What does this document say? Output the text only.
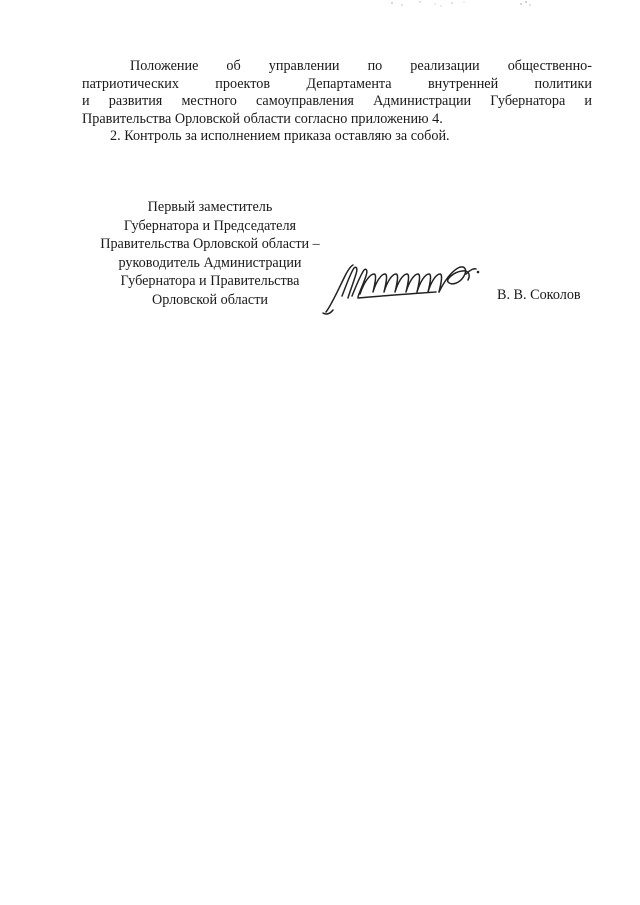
Положение об управлении по реализации общественно-
патриотических проектов Департамента внутренней политики
и развития местного самоуправления Администрации Губернатора и
Правительства Орловской области согласно приложению 4.

2. Контроль за исполнением приказа оставляю за собой.

Первый заместитель
Губернатора и Председателя
Правительства Орловской области –
руководитель Администрации
Губернатора и Правительства
Орловской области	В. В. Соколов
